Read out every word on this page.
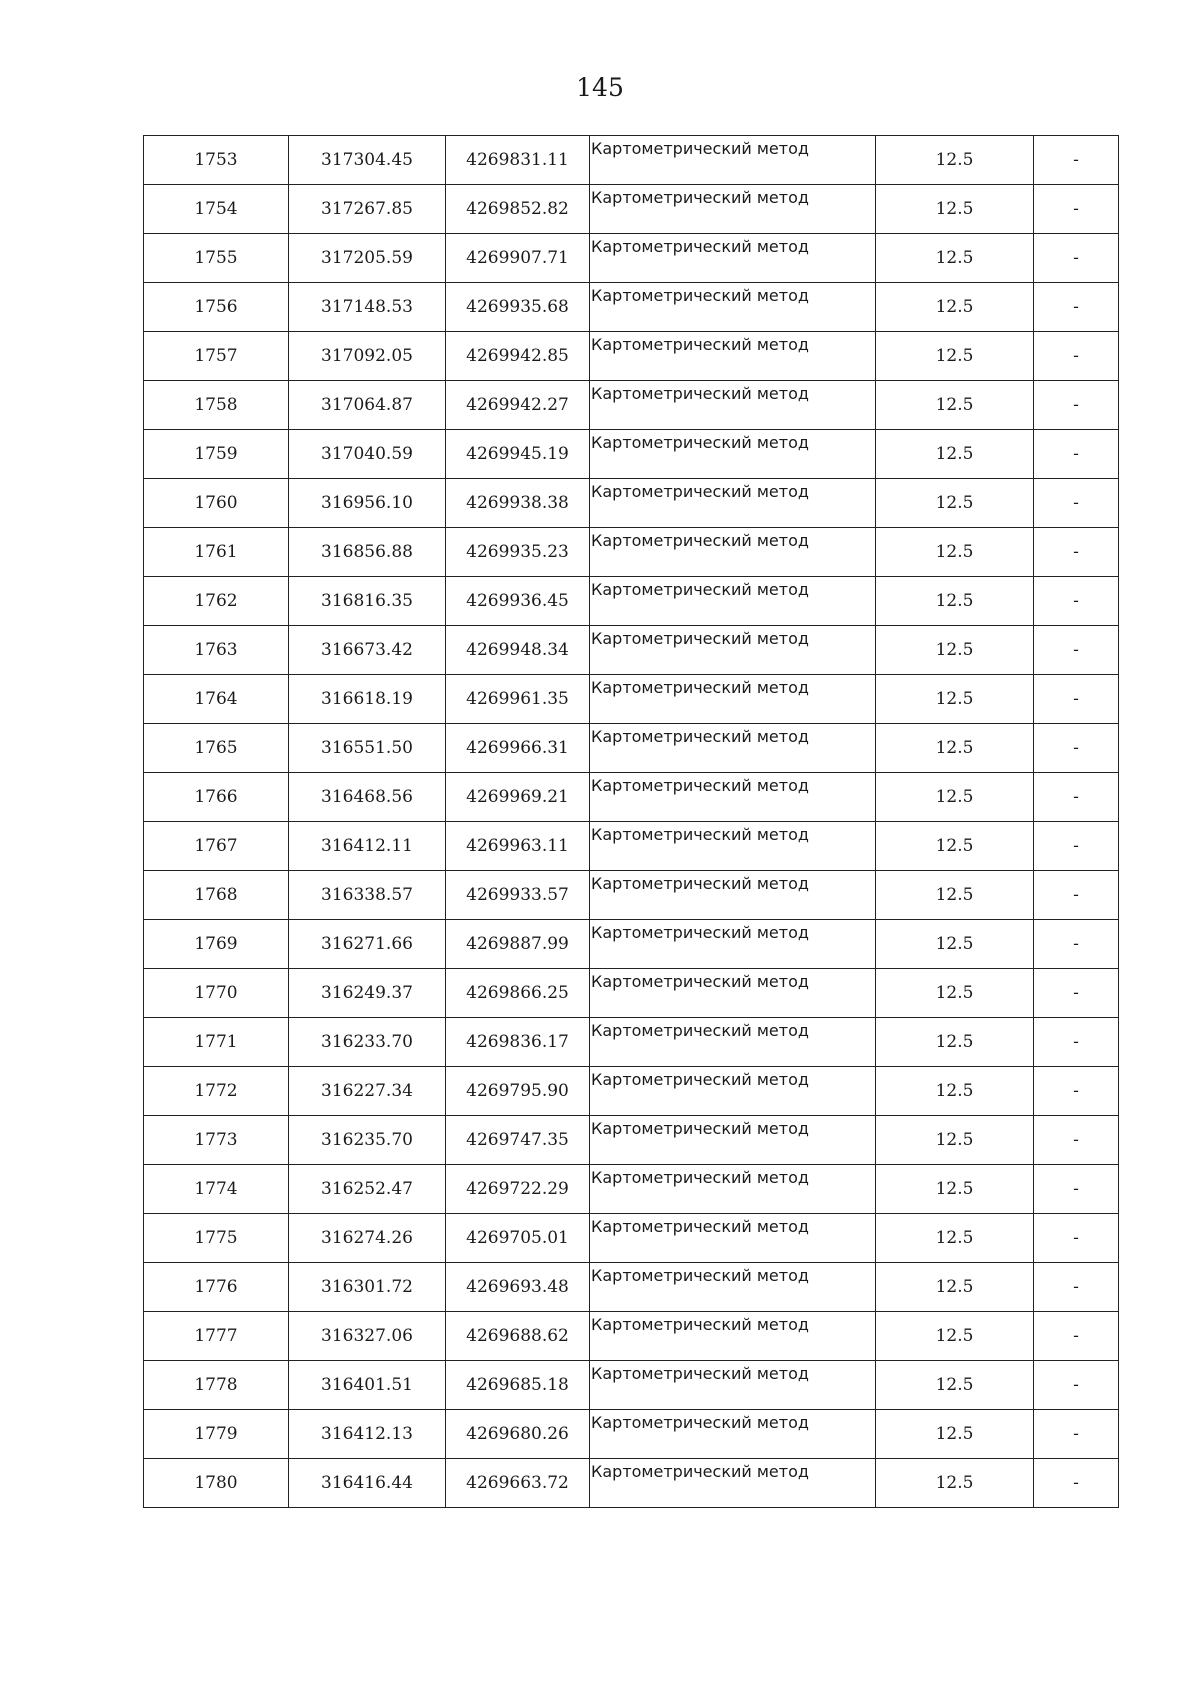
145
1753	317304.45	4269831.11	Картометрический метод	12.5	-
1754	317267.85	4269852.82	Картометрический метод	12.5	-
1755	317205.59	4269907.71	Картометрический метод	12.5	-
1756	317148.53	4269935.68	Картометрический метод	12.5	-
1757	317092.05	4269942.85	Картометрический метод	12.5	-
1758	317064.87	4269942.27	Картометрический метод	12.5	-
1759	317040.59	4269945.19	Картометрический метод	12.5	-
1760	316956.10	4269938.38	Картометрический метод	12.5	-
1761	316856.88	4269935.23	Картометрический метод	12.5	-
1762	316816.35	4269936.45	Картометрический метод	12.5	-
1763	316673.42	4269948.34	Картометрический метод	12.5	-
1764	316618.19	4269961.35	Картометрический метод	12.5	-
1765	316551.50	4269966.31	Картометрический метод	12.5	-
1766	316468.56	4269969.21	Картометрический метод	12.5	-
1767	316412.11	4269963.11	Картометрический метод	12.5	-
1768	316338.57	4269933.57	Картометрический метод	12.5	-
1769	316271.66	4269887.99	Картометрический метод	12.5	-
1770	316249.37	4269866.25	Картометрический метод	12.5	-
1771	316233.70	4269836.17	Картометрический метод	12.5	-
1772	316227.34	4269795.90	Картометрический метод	12.5	-
1773	316235.70	4269747.35	Картометрический метод	12.5	-
1774	316252.47	4269722.29	Картометрический метод	12.5	-
1775	316274.26	4269705.01	Картометрический метод	12.5	-
1776	316301.72	4269693.48	Картометрический метод	12.5	-
1777	316327.06	4269688.62	Картометрический метод	12.5	-
1778	316401.51	4269685.18	Картометрический метод	12.5	-
1779	316412.13	4269680.26	Картометрический метод	12.5	-
1780	316416.44	4269663.72	Картометрический метод	12.5	-
